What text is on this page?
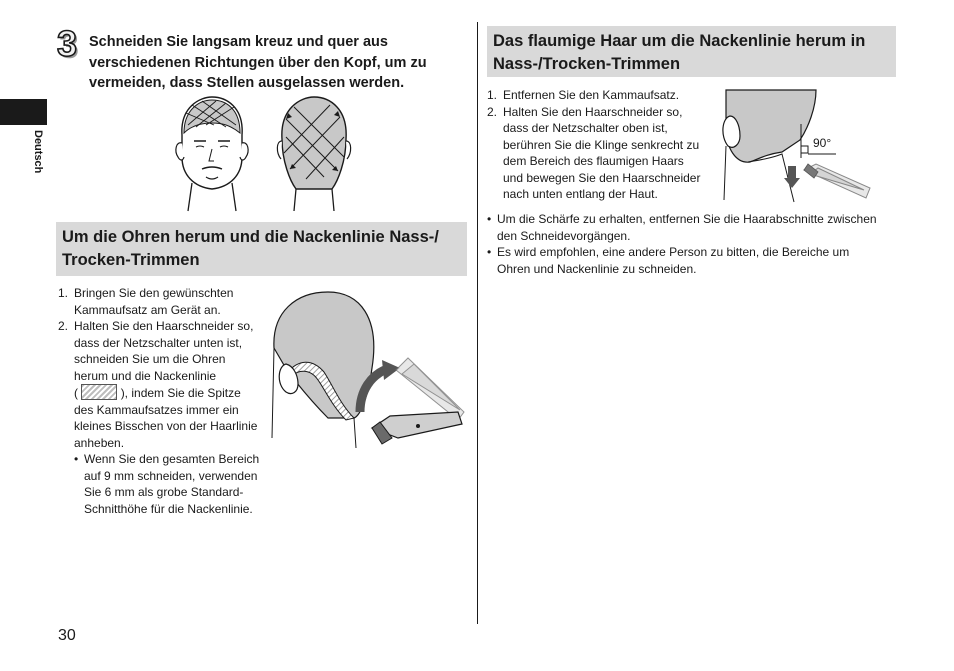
Deutsch
3 Schneiden Sie langsam kreuz und quer aus
verschiedenen Richtungen über den Kopf, um zu
vermeiden, dass Stellen ausgelassen werden.
Um die Ohren herum und die Nackenlinie Nass-/
Trocken-Trimmen
1. Bringen Sie den gewünschten
Kammaufsatz am Gerät an.
2. Halten Sie den Haarschneider so,
dass der Netzschalter unten ist,
schneiden Sie um die Ohren
herum und die Nackenlinie
(	), indem Sie die Spitze
des Kammaufsatzes immer ein
kleines Bisschen von der Haarlinie
anheben.
• Wenn Sie den gesamten Bereich
auf 9 mm schneiden, verwenden
Sie 6 mm als grobe Standard-
Schnitthöhe für die Nackenlinie.
Das flaumige Haar um die Nackenlinie herum in
Nass-/Trocken-Trimmen
1. Entfernen Sie den Kammaufsatz.
2. Halten Sie den Haarschneider so,
dass der Netzschalter oben ist,
berühren Sie die Klinge senkrecht zu
dem Bereich des flaumigen Haars
und bewegen Sie den Haarschneider
nach unten entlang der Haut.
90°
• Um die Schärfe zu erhalten, entfernen Sie die Haarabschnitte zwischen
den Schneidevorgängen.
• Es wird empfohlen, eine andere Person zu bitten, die Bereiche um
Ohren und Nackenlinie zu schneiden.
30
